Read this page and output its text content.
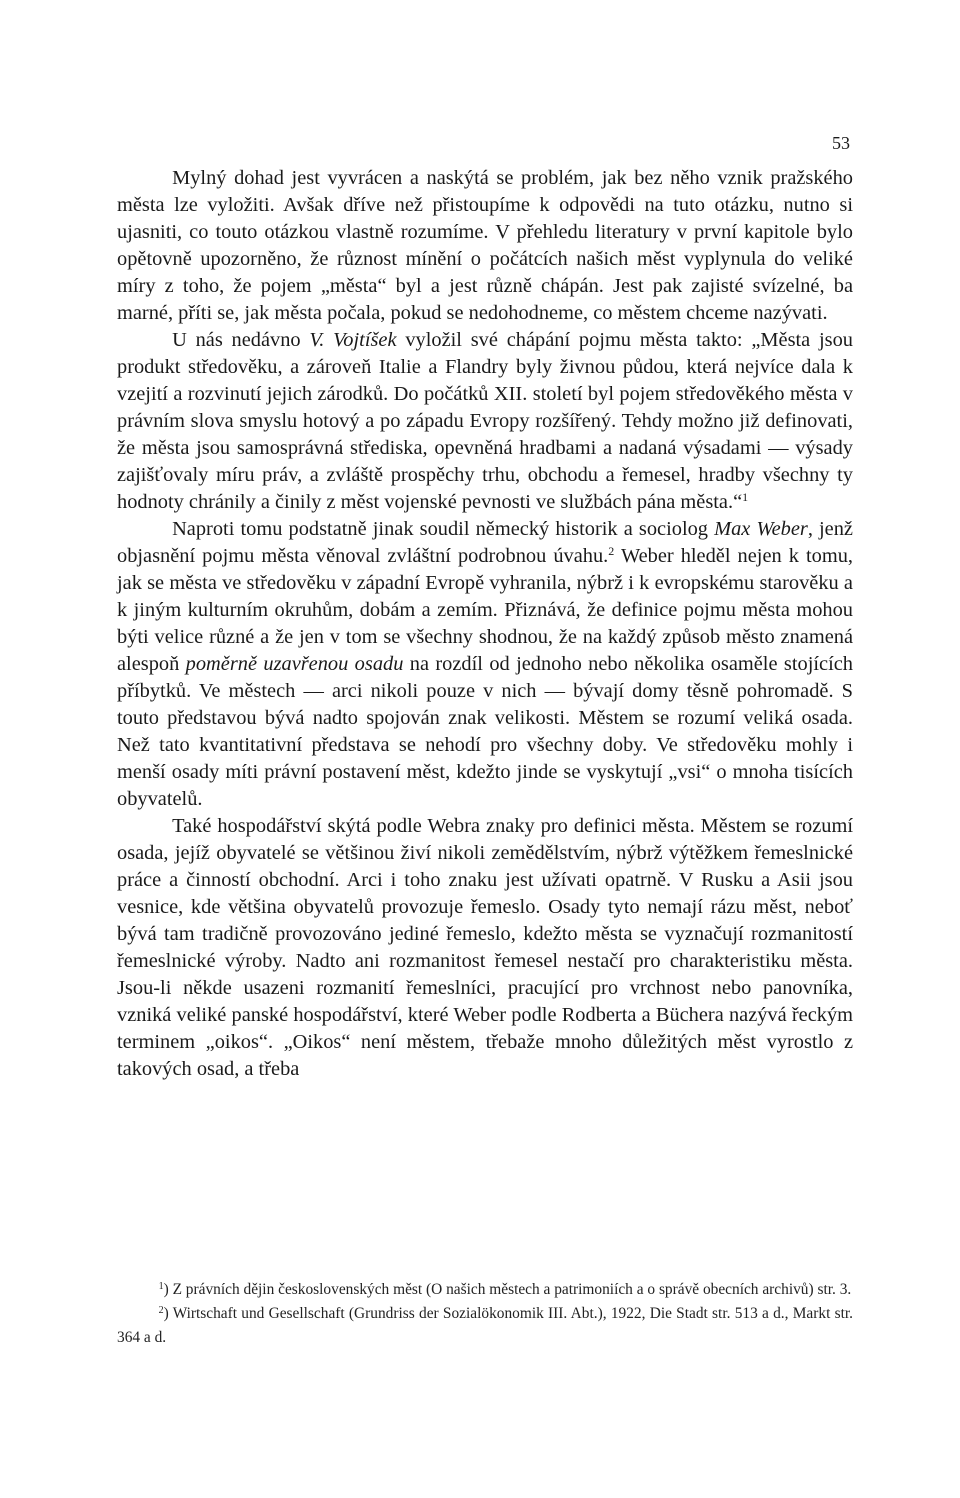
53

Mylný dohad jest vyvrácen a naskýtá se problém, jak bez něho vznik pražského města lze vyložiti. Avšak dříve než přistoupíme k odpovědi na tuto otázku, nutno si ujasniti, co touto otázkou vlastně rozumíme. V přehledu literatury v první kapitole bylo opětovně upozorněno, že různost mínění o počátcích našich měst vyplynula do veliké míry z toho, že pojem „města“ byl a jest různě chápán. Jest pak zajisté svízelné, ba marné, příti se, jak města počala, pokud se nedohodneme, co městem chceme nazývati.

U nás nedávno V. Vojtíšek vyložil své chápání pojmu města takto: „Města jsou produkt středověku, a zároveň Italie a Flandry byly živnou půdou, která nejvíce dala k vzejití a rozvinutí jejich zárodků. Do počátků XII. století byl pojem středověkého města v právním slova smyslu hotový a po západu Evropy rozšířený. Tehdy možno již definovati, že města jsou samosprávná střediska, opevněná hradbami a nadaná výsadami — výsady zajišťovaly míru práv, a zvláště prospěchy trhu, obchodu a řemesel, hradby všechny ty hodnoty chránily a činily z měst vojenské pevnosti ve službách pána města.“$^1$

Naproti tomu podstatně jinak soudil německý historik a sociolog Max Weber, jenž objasnění pojmu města věnoval zvláštní podrobnou úvahu.$^2$ Weber hleděl nejen k tomu, jak se města ve středověku v západní Evropě vyhranila, nýbrž i k evropskému starověku a k jiným kulturním okruhům, dobám a zemím. Přiznává, že definice pojmu města mohou býti velice různé a že jen v tom se všechny shodnou, že na každý způsob město znamená alespoň poměrně uzavřenou osadu na rozdíl od jednoho nebo několika osaměle stojících příbytků. Ve městech — arci nikoli pouze v nich — bývají domy těsně pohromadě. S touto představou bývá nadto spojován znak velikosti. Městem se rozumí veliká osada. Než tato kvantitativní představa se nehodí pro všechny doby. Ve středověku mohly i menší osady míti právní postavení měst, kdežto jinde se vyskytují „vsi“ o mnoha tisících obyvatelů.

Také hospodářství skýtá podle Webra znaky pro definici města. Městem se rozumí osada, jejíž obyvatelé se většinou živí nikoli zemědělstvím, nýbrž výtěžkem řemeslnické práce a činností obchodní. Arci i toho znaku jest užívati opatrně. V Rusku a Asii jsou vesnice, kde většina obyvatelů provozuje řemeslo. Osady tyto nemají rázu měst, neboť bývá tam tradičně provozováno jediné řemeslo, kdežto města se vyznačují rozmanitostí řemeslnické výroby. Nadto ani rozmanitost řemesel nestačí pro charakteristiku města. Jsou-li někde usazeni rozmanití řemeslníci, pracující pro vrchnost nebo panovníka, vzniká veliké panské hospodářství, které Weber podle Rodberta a Büchera nazývá řeckým terminem „oikos“. „Oikos“ není městem, třebaže mnoho důležitých měst vyrostlo z takových osad, a třeba

$^1$) Z právních dějin československých měst (O našich městech a patrimoniích a o správě obecních archivů) str. 3.

$^2$) Wirtschaft und Gesellschaft (Grundriss der Sozialökonomik III. Abt.), 1922, Die Stadt str. 513 a d., Markt str. 364 a d.
